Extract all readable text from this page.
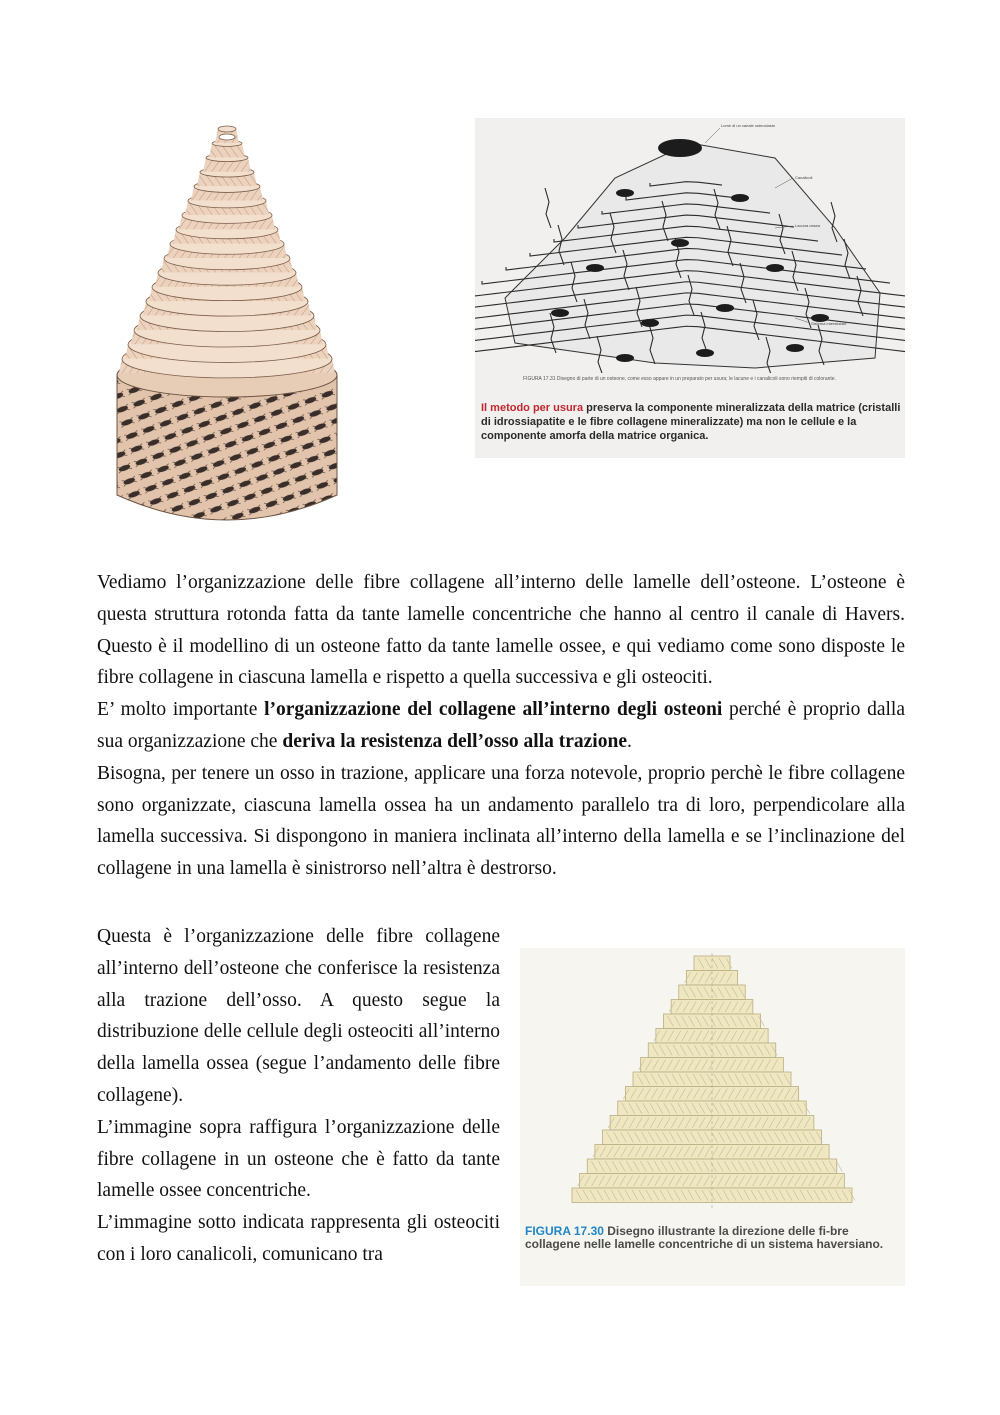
Lume di un canale osteoclasto
Canalicoli
Lacuna ossea
Sistema interstiziale
FIGURA 17.31 Disegno di parte di un osteone, come esso appare in un preparato per usura; le lacune e i canalicoli sono riempiti di colorante.
Il metodo per usura preserva la componente mineralizzata della matrice (cristalli di idrossiapatite e le fibre collagene mineralizzate) ma non le cellule e la componente amorfa della matrice organica.
Vediamo l’organizzazione delle fibre collagene all’interno delle lamelle dell’osteone. L’osteone è questa struttura rotonda fatta da tante lamelle concentriche che hanno al centro il canale di Havers. Questo è il modellino di un osteone fatto da tante lamelle ossee, e qui vediamo come sono disposte le fibre collagene in ciascuna lamella e rispetto a quella successiva e gli osteociti.
E’ molto importante l’organizzazione del collagene all’interno degli osteoni perché è proprio dalla sua organizzazione che deriva la resistenza dell’osso alla trazione.
Bisogna, per tenere un osso in trazione, applicare una forza notevole, proprio perchè le fibre collagene sono organizzate, ciascuna lamella ossea ha un andamento parallelo tra di loro, perpendicolare alla lamella successiva. Si dispongono in maniera inclinata all’interno della lamella e se l’inclinazione del collagene in una lamella è sinistrorso nell’altra è destrorso.
Questa è l’organizzazione delle fibre collagene all’interno dell’osteone che conferisce la resistenza alla trazione dell’osso. A questo segue la distribuzione delle cellule degli osteociti all’interno della lamella ossea (segue l’andamento delle fibre collagene).
L’immagine sopra raffigura l’organizzazione delle fibre collagene in un osteone che è fatto da tante lamelle ossee concentriche.
L’immagine sotto indicata rappresenta gli osteociti con i loro canalicoli, comunicano tra
FIGURA 17.30 Disegno illustrante la direzione delle fi-bre collagene nelle lamelle concentriche di un sistema haversiano.
